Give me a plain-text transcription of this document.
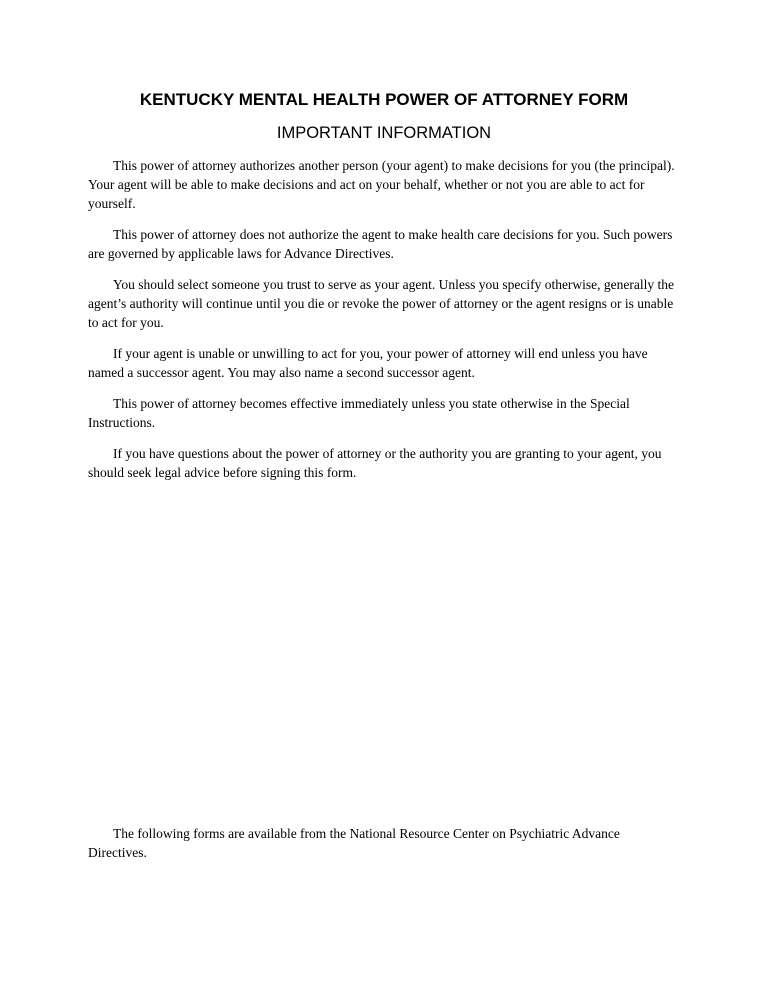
KENTUCKY MENTAL HEALTH POWER OF ATTORNEY FORM
IMPORTANT INFORMATION

This power of attorney authorizes another person (your agent) to make decisions for you (the principal). Your agent will be able to make decisions and act on your behalf, whether or not you are able to act for yourself.

This power of attorney does not authorize the agent to make health care decisions for you. Such powers are governed by applicable laws for Advance Directives.

You should select someone you trust to serve as your agent. Unless you specify otherwise, generally the agent’s authority will continue until you die or revoke the power of attorney or the agent resigns or is unable to act for you.

If your agent is unable or unwilling to act for you, your power of attorney will end unless you have named a successor agent. You may also name a second successor agent.

This power of attorney becomes effective immediately unless you state otherwise in the Special Instructions.

If you have questions about the power of attorney or the authority you are granting to your agent, you should seek legal advice before signing this form.

The following forms are available from the National Resource Center on Psychiatric Advance Directives.
